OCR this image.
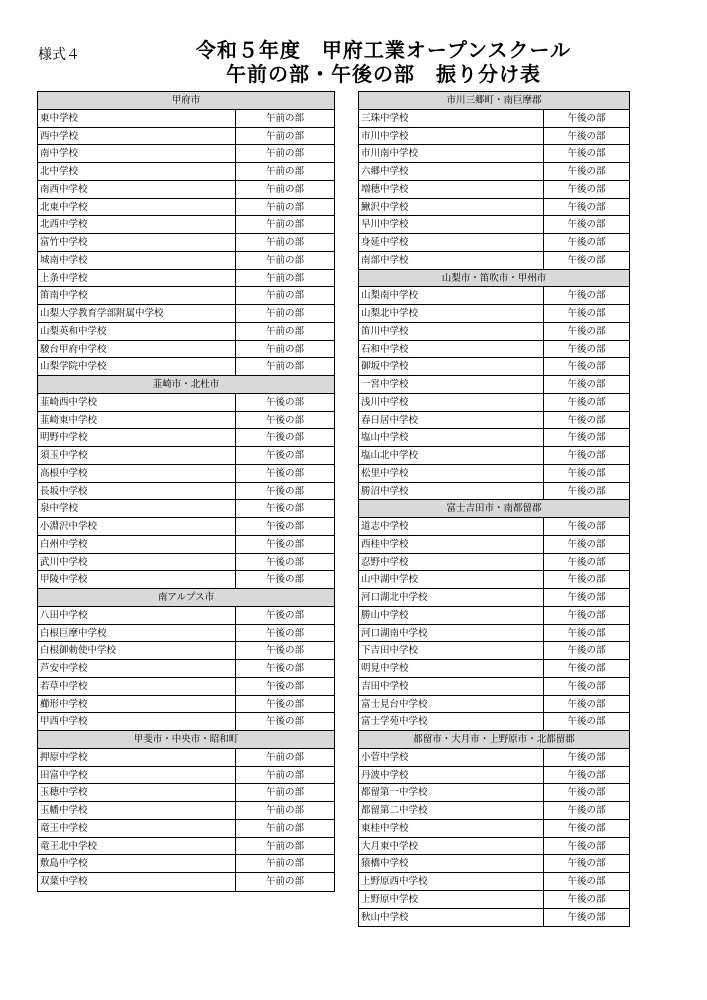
様式４	令和５年度　甲府工業オープンスクール
午前の部・午後の部　振り分け表
甲府市
東中学校	午前の部
西中学校	午前の部
南中学校	午前の部
北中学校	午前の部
南西中学校	午前の部
北東中学校	午前の部
北西中学校	午前の部
富竹中学校	午前の部
城南中学校	午前の部
上条中学校	午前の部
笛南中学校	午前の部
山梨大学教育学部附属中学校	午前の部
山梨英和中学校	午前の部
駿台甲府中学校	午前の部
山梨学院中学校	午前の部
韮崎市・北杜市
韮崎西中学校	午後の部
韮崎東中学校	午後の部
明野中学校	午後の部
須玉中学校	午後の部
高根中学校	午後の部
長坂中学校	午後の部
泉中学校	午後の部
小淵沢中学校	午後の部
白州中学校	午後の部
武川中学校	午後の部
甲陵中学校	午後の部
南アルプス市
八田中学校	午後の部
白根巨摩中学校	午後の部
白根御勅使中学校	午後の部
芦安中学校	午後の部
若草中学校	午後の部
櫛形中学校	午後の部
甲西中学校	午後の部
甲斐市・中央市・昭和町
押原中学校	午前の部
田富中学校	午前の部
玉穂中学校	午前の部
玉幡中学校	午前の部
竜王中学校	午前の部
竜王北中学校	午前の部
敷島中学校	午前の部
双葉中学校	午前の部
市川三郷町・南巨摩郡
三珠中学校	午後の部
市川中学校	午後の部
市川南中学校	午後の部
六郷中学校	午後の部
増穂中学校	午後の部
鰍沢中学校	午後の部
早川中学校	午後の部
身延中学校	午後の部
南部中学校	午後の部
山梨市・笛吹市・甲州市
山梨南中学校	午後の部
山梨北中学校	午後の部
笛川中学校	午後の部
石和中学校	午後の部
御坂中学校	午後の部
一宮中学校	午後の部
浅川中学校	午後の部
春日居中学校	午後の部
塩山中学校	午後の部
塩山北中学校	午後の部
松里中学校	午後の部
勝沼中学校	午後の部
富士吉田市・南都留郡
道志中学校	午後の部
西桂中学校	午後の部
忍野中学校	午後の部
山中湖中学校	午後の部
河口湖北中学校	午後の部
勝山中学校	午後の部
河口湖南中学校	午後の部
下吉田中学校	午後の部
明見中学校	午後の部
吉田中学校	午後の部
富士見台中学校	午後の部
富士学苑中学校	午後の部
都留市・大月市・上野原市・北都留郡
小菅中学校	午後の部
丹波中学校	午後の部
都留第一中学校	午後の部
都留第二中学校	午後の部
東桂中学校	午後の部
大月東中学校	午後の部
猿橋中学校	午後の部
上野原西中学校	午後の部
上野原中学校	午後の部
秋山中学校	午後の部
